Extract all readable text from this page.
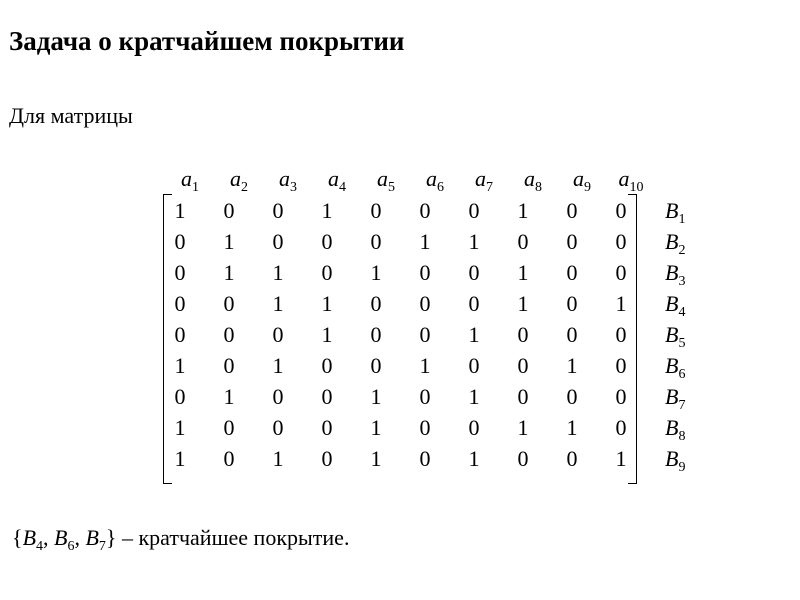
Задача о кратчайшем покрытии
Для матрицы
$a_1$	$a_2$	$a_3$	$a_4$	$a_5$	$a_6$	$a_7$	$a_8$	$a_9$	$a_{10}$
1	0	0	1	0	0	0	1	0	0	$B_1$
0	1	0	0	0	1	1	0	0	0	$B_2$
0	1	1	0	1	0	0	1	0	0	$B_3$
0	0	1	1	0	0	0	1	0	1	$B_4$
0	0	0	1	0	0	1	0	0	0	$B_5$
1	0	1	0	0	1	0	0	1	0	$B_6$
0	1	0	0	1	0	1	0	0	0	$B_7$
1	0	0	0	1	0	0	1	1	0	$B_8$
1	0	1	0	1	0	1	0	0	1	$B_9$
{$B_4$, $B_6$, $B_7$} – кратчайшее покрытие.
